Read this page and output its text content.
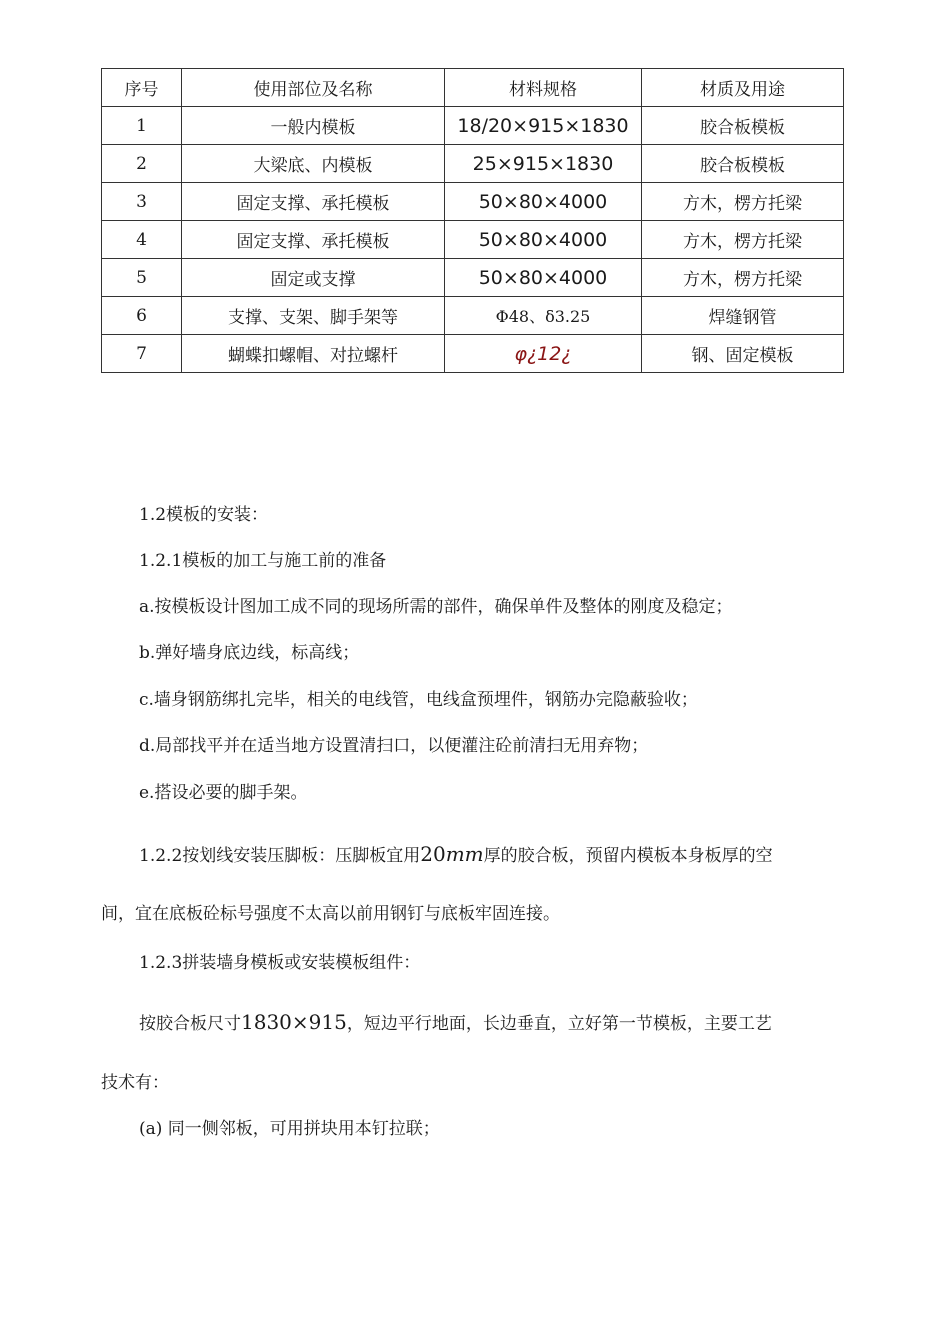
序号	使用部位及名称	材料规格	材质及用途
1	一般内模板	18/20×915×1830	胶合板模板
2	大梁底、内模板	25×915×1830	胶合板模板
3	固定支撑、承托模板	50×80×4000	方木，楞方托梁
4	固定支撑、承托模板	50×80×4000	方木，楞方托梁
5	固定或支撑	50×80×4000	方木，楞方托梁
6	支撑、支架、脚手架等	Φ48、δ3.25	焊缝钢管
7	蝴蝶扣螺帽、对拉螺杆	φ¿12¿	钢、固定模板

1.2模板的安装：

1.2.1模板的加工与施工前的准备

a.按模板设计图加工成不同的现场所需的部件，确保单件及整体的刚度及稳定；

b.弹好墙身底边线，标高线；

c.墙身钢筋绑扎完毕，相关的电线管，电线盒预埋件，钢筋办完隐蔽验收；

d.局部找平并在适当地方设置清扫口，以便灌注砼前清扫无用弃物；

e.搭设必要的脚手架。

1.2.2按划线安装压脚板：压脚板宜用20mm厚的胶合板，预留内模板本身板厚的空

间，宜在底板砼标号强度不太高以前用钢钉与底板牢固连接。

1.2.3拼装墙身模板或安装模板组件：

按胶合板尺寸1830×915，短边平行地面，长边垂直，立好第一节模板，主要工艺

技术有：

(a) 同一侧邻板，可用拼块用本钉拉联；
